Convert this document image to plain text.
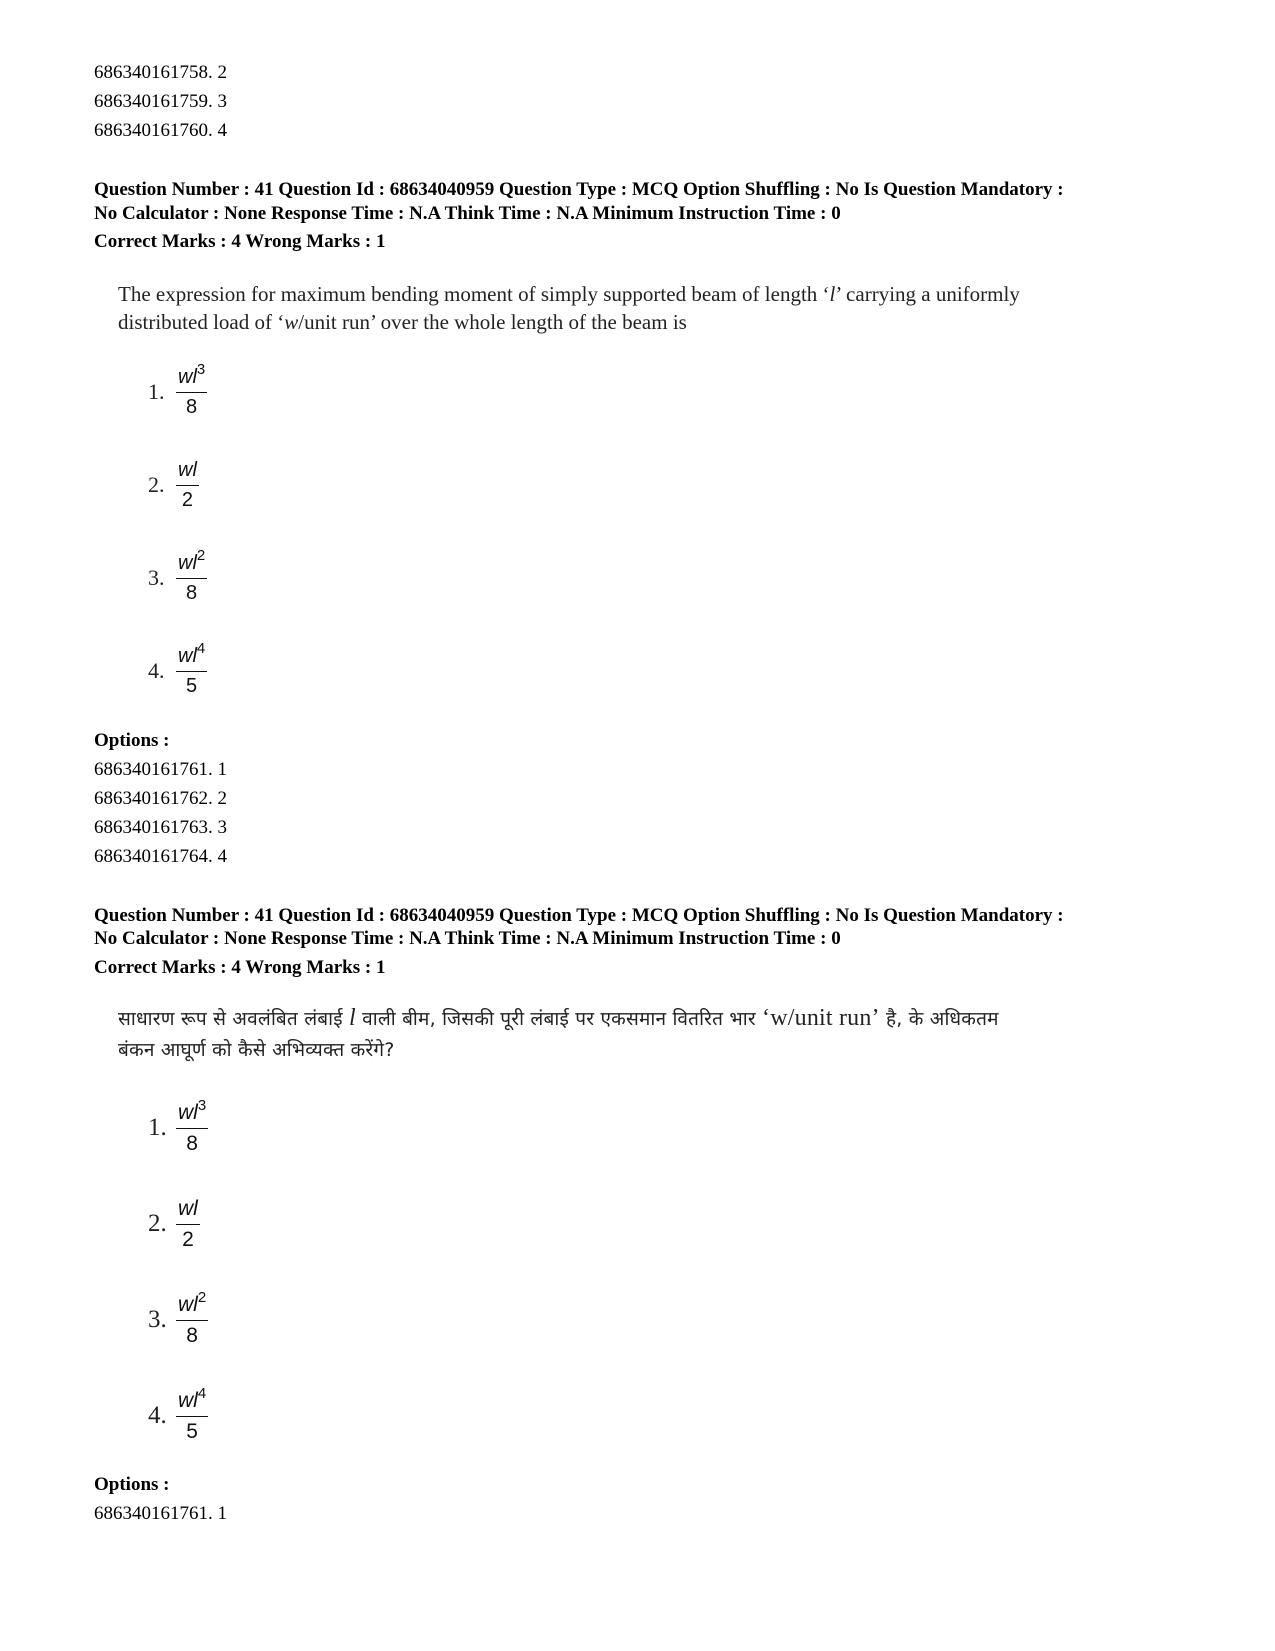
686340161758. 2
686340161759. 3
686340161760. 4
Question Number : 41 Question Id : 68634040959 Question Type : MCQ Option Shuffling : No Is Question Mandatory :
No Calculator : None Response Time : N.A Think Time : N.A Minimum Instruction Time : 0
Correct Marks : 4 Wrong Marks : 1
The expression for maximum bending moment of simply supported beam of length ‘l’ carrying a uniformly
distributed load of ‘w/unit run’ over the whole length of the beam is
1. $\frac{wl^3}{8}$
2. $\frac{wl}{2}$
3. $\frac{wl^2}{8}$
4. $\frac{wl^4}{5}$
Options :
686340161761. 1
686340161762. 2
686340161763. 3
686340161764. 4
Question Number : 41 Question Id : 68634040959 Question Type : MCQ Option Shuffling : No Is Question Mandatory :
No Calculator : None Response Time : N.A Think Time : N.A Minimum Instruction Time : 0
Correct Marks : 4 Wrong Marks : 1
साधारण रूप से अवलंबित लंबाई l वाली बीम, जिसकी पूरी लंबाई पर एकसमान वितरित भार ‘w/unit run’ है, के अधिकतम
बंकन आघूर्ण को कैसे अभिव्यक्त करेंगे?
1. $\frac{wl^3}{8}$
2. $\frac{wl}{2}$
3. $\frac{wl^2}{8}$
4. $\frac{wl^4}{5}$
Options :
686340161761. 1
